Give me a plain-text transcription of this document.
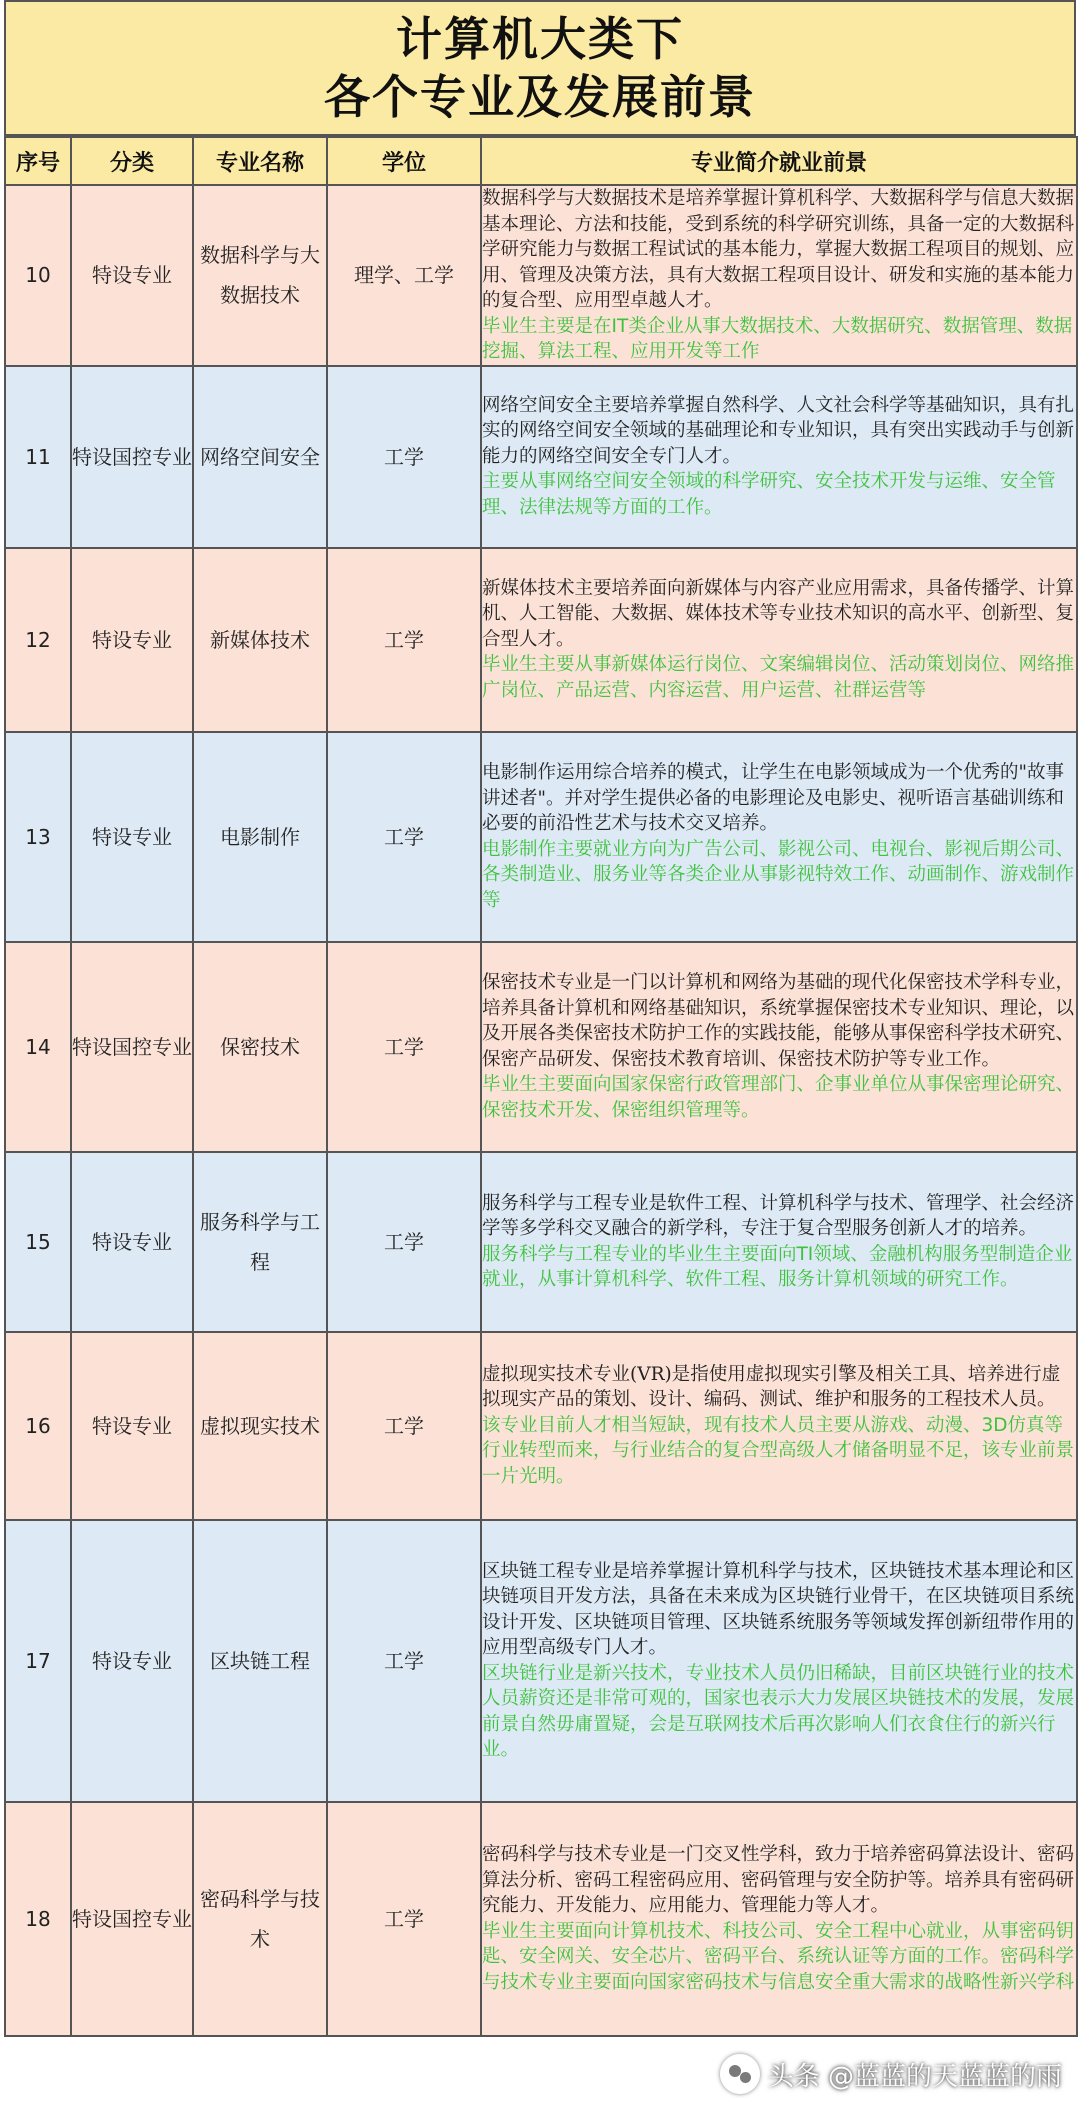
计算机大类下
各个专业及发展前景
序号	分类	专业名称	学位	专业简介就业前景
10	特设专业	数据科学与大数据技术	理学、工学	数据科学与大数据技术是培养掌握计算机科学、大数据科学与信息大数据基本理论、方法和技能，受到系统的科学研究训练，具备一定的大数据科学研究能力与数据工程试试的基本能力，掌握大数据工程项目的规划、应用、管理及决策方法，具有大数据工程项目设计、研发和实施的基本能力的复合型、应用型卓越人才。
毕业生主要是在IT类企业从事大数据技术、大数据研究、数据管理、数据挖掘、算法工程、应用开发等工作

11	特设国控专业	网络空间安全	工学	网络空间安全主要培养掌握自然科学、人文社会科学等基础知识，具有扎实的网络空间安全领域的基础理论和专业知识，具有突出实践动手与创新能力的网络空间安全专门人才。
主要从事网络空间安全领域的科学研究、安全技术开发与运维、安全管理、法律法规等方面的工作。

12	特设专业	新媒体技术	工学	新媒体技术主要培养面向新媒体与内容产业应用需求，具备传播学、计算机、人工智能、大数据、媒体技术等专业技术知识的高水平、创新型、复合型人才。
毕业生主要从事新媒体运行岗位、文案编辑岗位、活动策划岗位、网络推广岗位、产品运营、内容运营、用户运营、社群运营等

13	特设专业	电影制作	工学	电影制作运用综合培养的模式，让学生在电影领域成为一个优秀的"故事讲述者"。并对学生提供必备的电影理论及电影史、视听语言基础训练和必要的前沿性艺术与技术交叉培养。
电影制作主要就业方向为广告公司、影视公司、电视台、影视后期公司、各类制造业、服务业等各类企业从事影视特效工作、动画制作、游戏制作等

14	特设国控专业	保密技术	工学	保密技术专业是一门以计算机和网络为基础的现代化保密技术学科专业，培养具备计算机和网络基础知识，系统掌握保密技术专业知识、理论，以及开展各类保密技术防护工作的实践技能，能够从事保密科学技术研究、保密产品研发、保密技术教育培训、保密技术防护等专业工作。
毕业生主要面向国家保密行政管理部门、企事业单位从事保密理论研究、保密技术开发、保密组织管理等。

15	特设专业	服务科学与工程	工学	服务科学与工程专业是软件工程、计算机科学与技术、管理学、社会经济学等多学科交叉融合的新学科，专注于复合型服务创新人才的培养。
服务科学与工程专业的毕业生主要面向TI领域、金融机构服务型制造企业就业，从事计算机科学、软件工程、服务计算机领域的研究工作。

16	特设专业	虚拟现实技术	工学	虚拟现实技术专业(VR)是指使用虚拟现实引擎及相关工具、培养进行虚拟现实产品的策划、设计、编码、测试、维护和服务的工程技术人员。
该专业目前人才相当短缺，现有技术人员主要从游戏、动漫、3D仿真等行业转型而来，与行业结合的复合型高级人才储备明显不足，该专业前景一片光明。

17	特设专业	区块链工程	工学	区块链工程专业是培养掌握计算机科学与技术，区块链技术基本理论和区块链项目开发方法，具备在未来成为区块链行业骨干，在区块链项目系统设计开发、区块链项目管理、区块链系统服务等领域发挥创新纽带作用的应用型高级专门人才。
区块链行业是新兴技术，专业技术人员仍旧稀缺，目前区块链行业的技术人员薪资还是非常可观的，国家也表示大力发展区块链技术的发展，发展前景自然毋庸置疑，会是互联网技术后再次影响人们衣食住行的新兴行业。

18	特设国控专业	密码科学与技术	工学	密码科学与技术专业是一门交叉性学科，致力于培养密码算法设计、密码算法分析、密码工程密码应用、密码管理与安全防护等。培养具有密码研究能力、开发能力、应用能力、管理能力等人才。
毕业生主要面向计算机技术、科技公司、安全工程中心就业，从事密码钥匙、安全网关、安全芯片、密码平台、系统认证等方面的工作。密码科学与技术专业主要面向国家密码技术与信息安全重大需求的战略性新兴学科
头条 @蓝蓝的天蓝蓝的雨
